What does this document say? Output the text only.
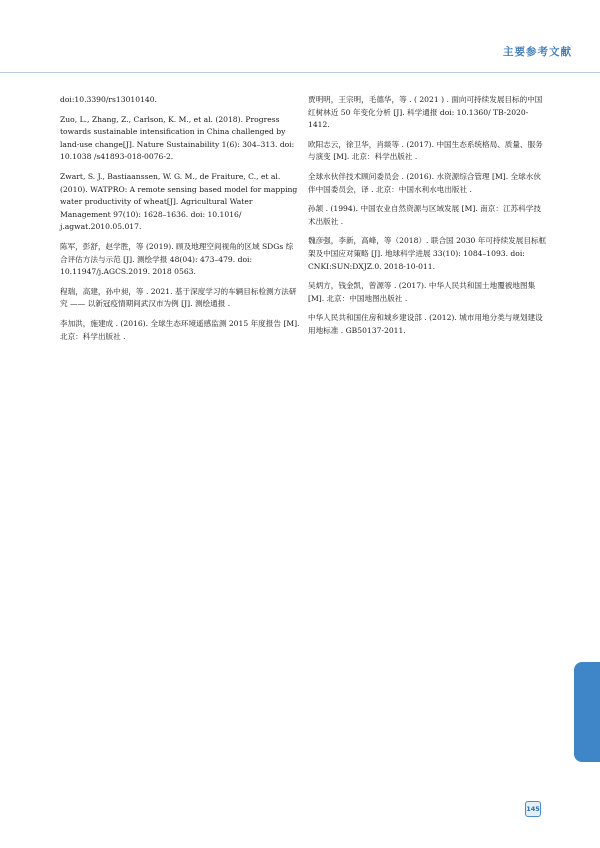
主要参考文献

doi:10.3390/rs13010140.

Zuo, L., Zhang, Z., Carlson, K. M., et al. (2018). Progress towards sustainable intensification in China challenged by land-use change[J]. Nature Sustainability 1(6): 304–313. doi: 10.1038 /s41893-018-0076-2.

Zwart, S. J., Bastiaanssen, W. G. M., de Fraiture, C., et al. (2010). WATPRO: A remote sensing based model for mapping water productivity of wheat[J]. Agricultural Water Management 97(10): 1628–1636. doi: 10.1016/ j.agwat.2010.05.017.

陈军，彭舒，赵学胜，等 (2019). 顾及地理空间视角的区域 SDGs 综合评估方法与示范 [J]. 测绘学报 48(04): 473–479. doi: 10.11947/j.AGCS.2019. 2018 0563.

程瑞，高建，孙中昶，等 . 2021. 基于深度学习的车辆目标检测方法研究 —— 以新冠疫情期间武汉市为例 [J]. 测绘通报 .

李加洪，施建成 . (2016). 全球生态环境遥感监测 2015 年度报告 [M]. 北京：科学出版社 .

贾明明，王宗明，毛德华，等 . ( 2021 ) . 面向可持续发展目标的中国红树林近 50 年变化分析 [J]. 科学通报 doi: 10.1360/ TB-2020-1412.

欧阳志云，徐卫华，肖燚等 . (2017). 中国生态系统格局、质量、服务与演变 [M]. 北京：科学出版社 .

全球水伙伴技术顾问委员会 . (2016). 水资源综合管理 [M]. 全球水伙伴中国委员会，译 . 北京：中国水利水电出版社 .

孙颔 . (1994). 中国农业自然资源与区域发展 [M]. 南京：江苏科学技术出版社 .

魏彦强，李新，高峰，等（2018）. 联合国 2030 年可持续发展目标框架及中国应对策略 [J]. 地球科学进展 33(10): 1084–1093. doi: CNKI:SUN:DXJZ.0. 2018-10-011.

吴炳方，钱金凯，曾源等 . (2017). 中华人民共和国土地覆被地图集 [M]. 北京：中国地图出版社 .

中华人民共和国住房和城乡建设部 . (2012). 城市用地分类与规划建设用地标准 . GB50137-2011.

145
